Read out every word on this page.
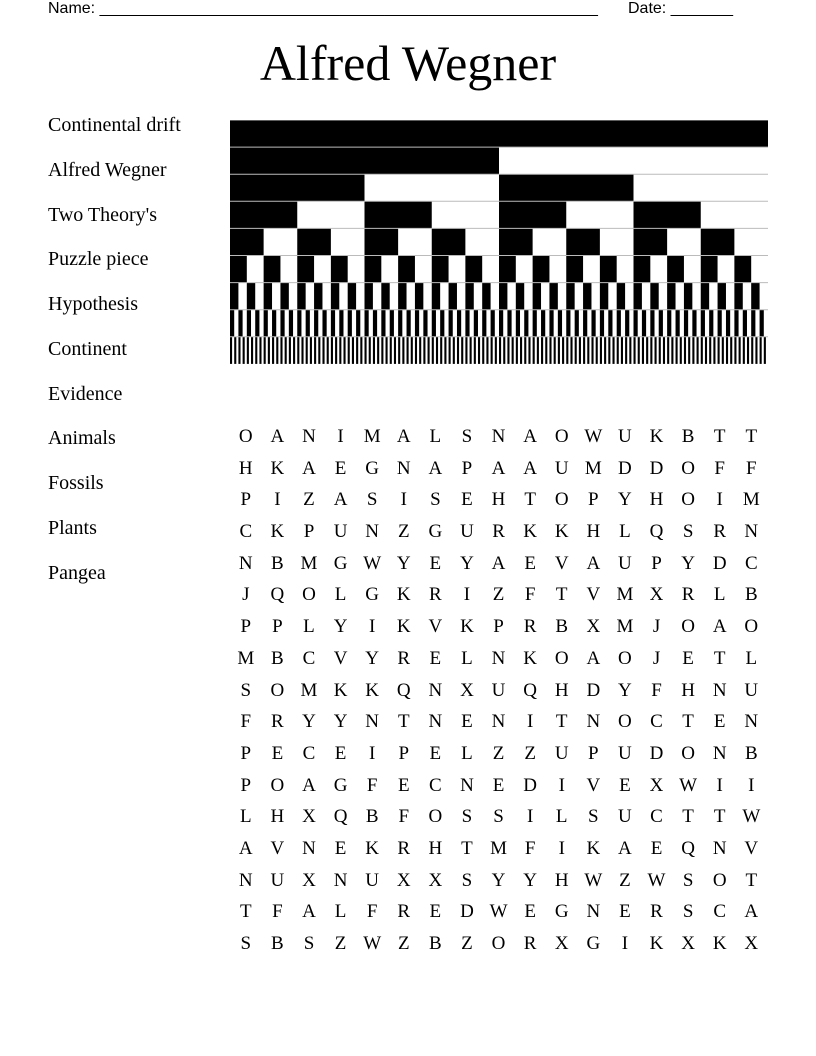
Name: ________________________________________________________ Date: _______
Alfred Wegner
Continental drift
Alfred Wegner
Two Theory's
Puzzle piece
Hypothesis
Continent
Evidence
Animals
Fossils
Plants
Pangea
O A N	I	M A L	S	N A O W U K B	T	T
H K A E G N A	P	A A U M D D O	F	F
P	I	Z A	S	I	S	E H T O	P	Y H O	I	M
C K	P	U N Z G U R K K H L Q	S	R N
N B M G W Y E Y A E V A U	P	Y D C
J	Q O L G K R	I	Z	F	T V M X R	L	B
P	P	L Y	I	K V K	P	R B X M	J	O A O
M B C V Y R	E	L N K O A O	J	E	T	L
S	O M K K Q N X U Q H D Y	F	H N U
F	R Y Y N T N E N	I	T N O C	T	E N
P	E	C	E	I	P	E	L	Z	Z U	P	U D O N B
P	O A G	F	E	C N E D	I	V E X W	I	I
L H X Q B	F	O	S	S	I	L	S	U C	T	T W
A V N E K R H T M F	I	K A E Q N V
N U X N U X X	S	Y Y H W Z W S	O T
T	F	A L	F	R	E D W E G N E	R	S	C A
S	B	S	Z W Z	B	Z O R X G	I	K X K X
